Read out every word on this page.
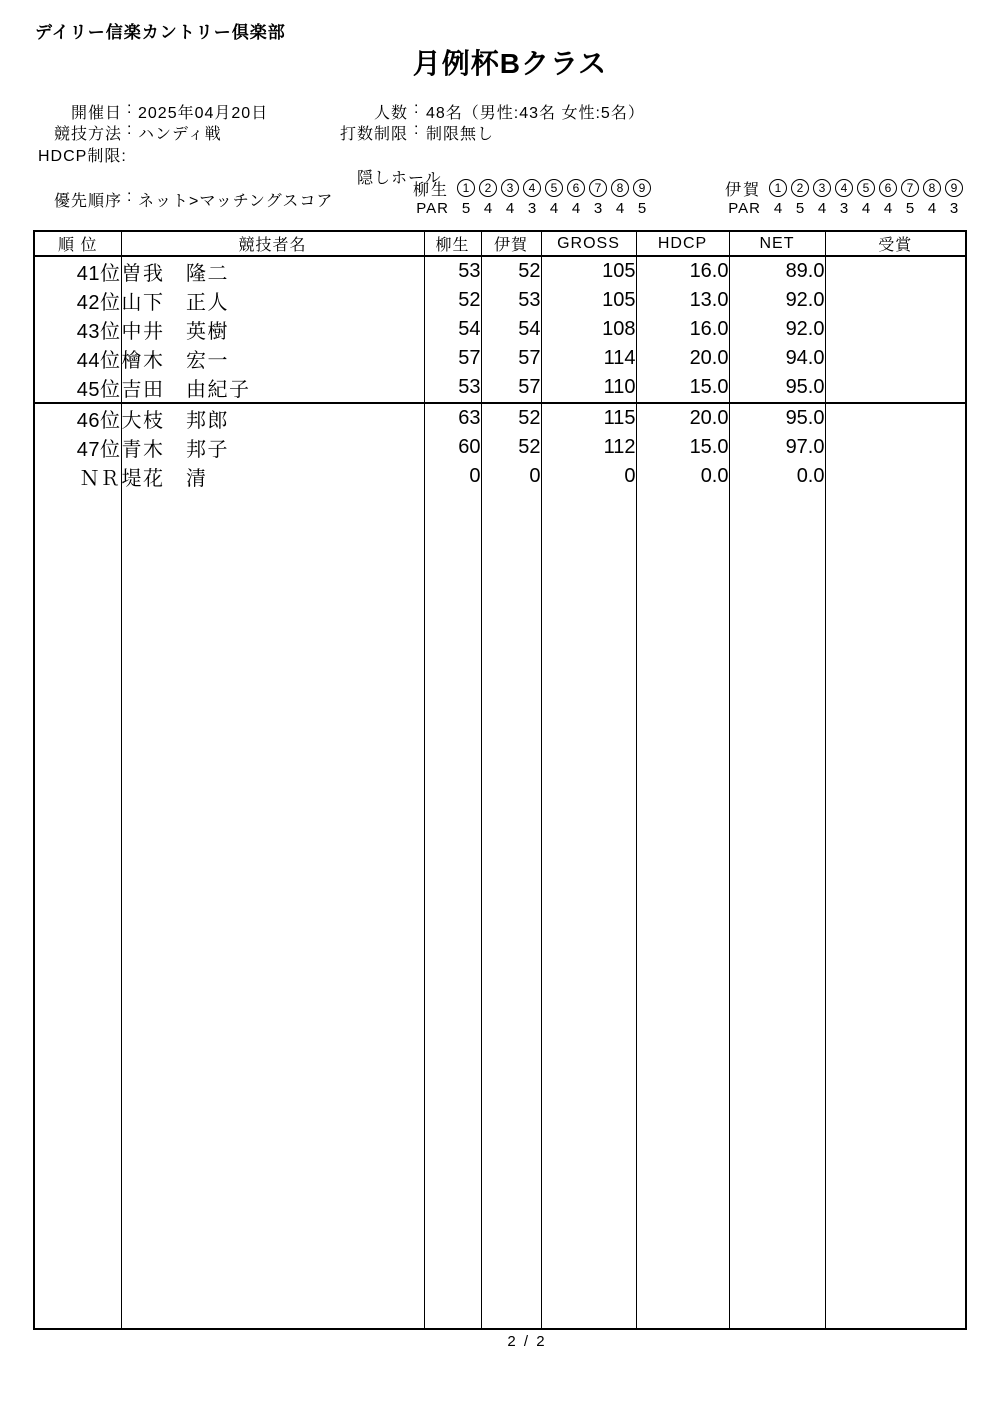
デイリー信楽カントリー倶楽部
月例杯Bクラス
開催日 : 2025年04月20日	人数 : 48名（男性:43名 女性:5名）
競技方法 : ハンディ戦	打数制限 : 制限無し
HDCP制限:
隠しホール
柳生	1	2	3	4	5	6	7	8	9
PAR 5 4 4 3 4 4 3 4 5
伊賀	1	2	3	4	5	6	7	8	9
PAR 4 5 4 3 4 4 5 4 3
優先順序 : ネット>マッチングスコア
順 位	競技者名	柳生	伊賀	GROSS	HDCP	NET	受賞
41位	曽我　隆二	53	52	105	16.0	89.0	
42位	山下　正人	52	53	105	13.0	92.0	
43位	中井　英樹	54	54	108	16.0	92.0	
44位	檜木　宏一	57	57	114	20.0	94.0	
45位	吉田　由紀子	53	57	110	15.0	95.0	
46位	大枝　邦郎	63	52	115	20.0	95.0	
47位	青木　邦子	60	52	112	15.0	97.0	
ＮＲ	堤花　清	0	0	0	0.0	0.0	

2 / 2
